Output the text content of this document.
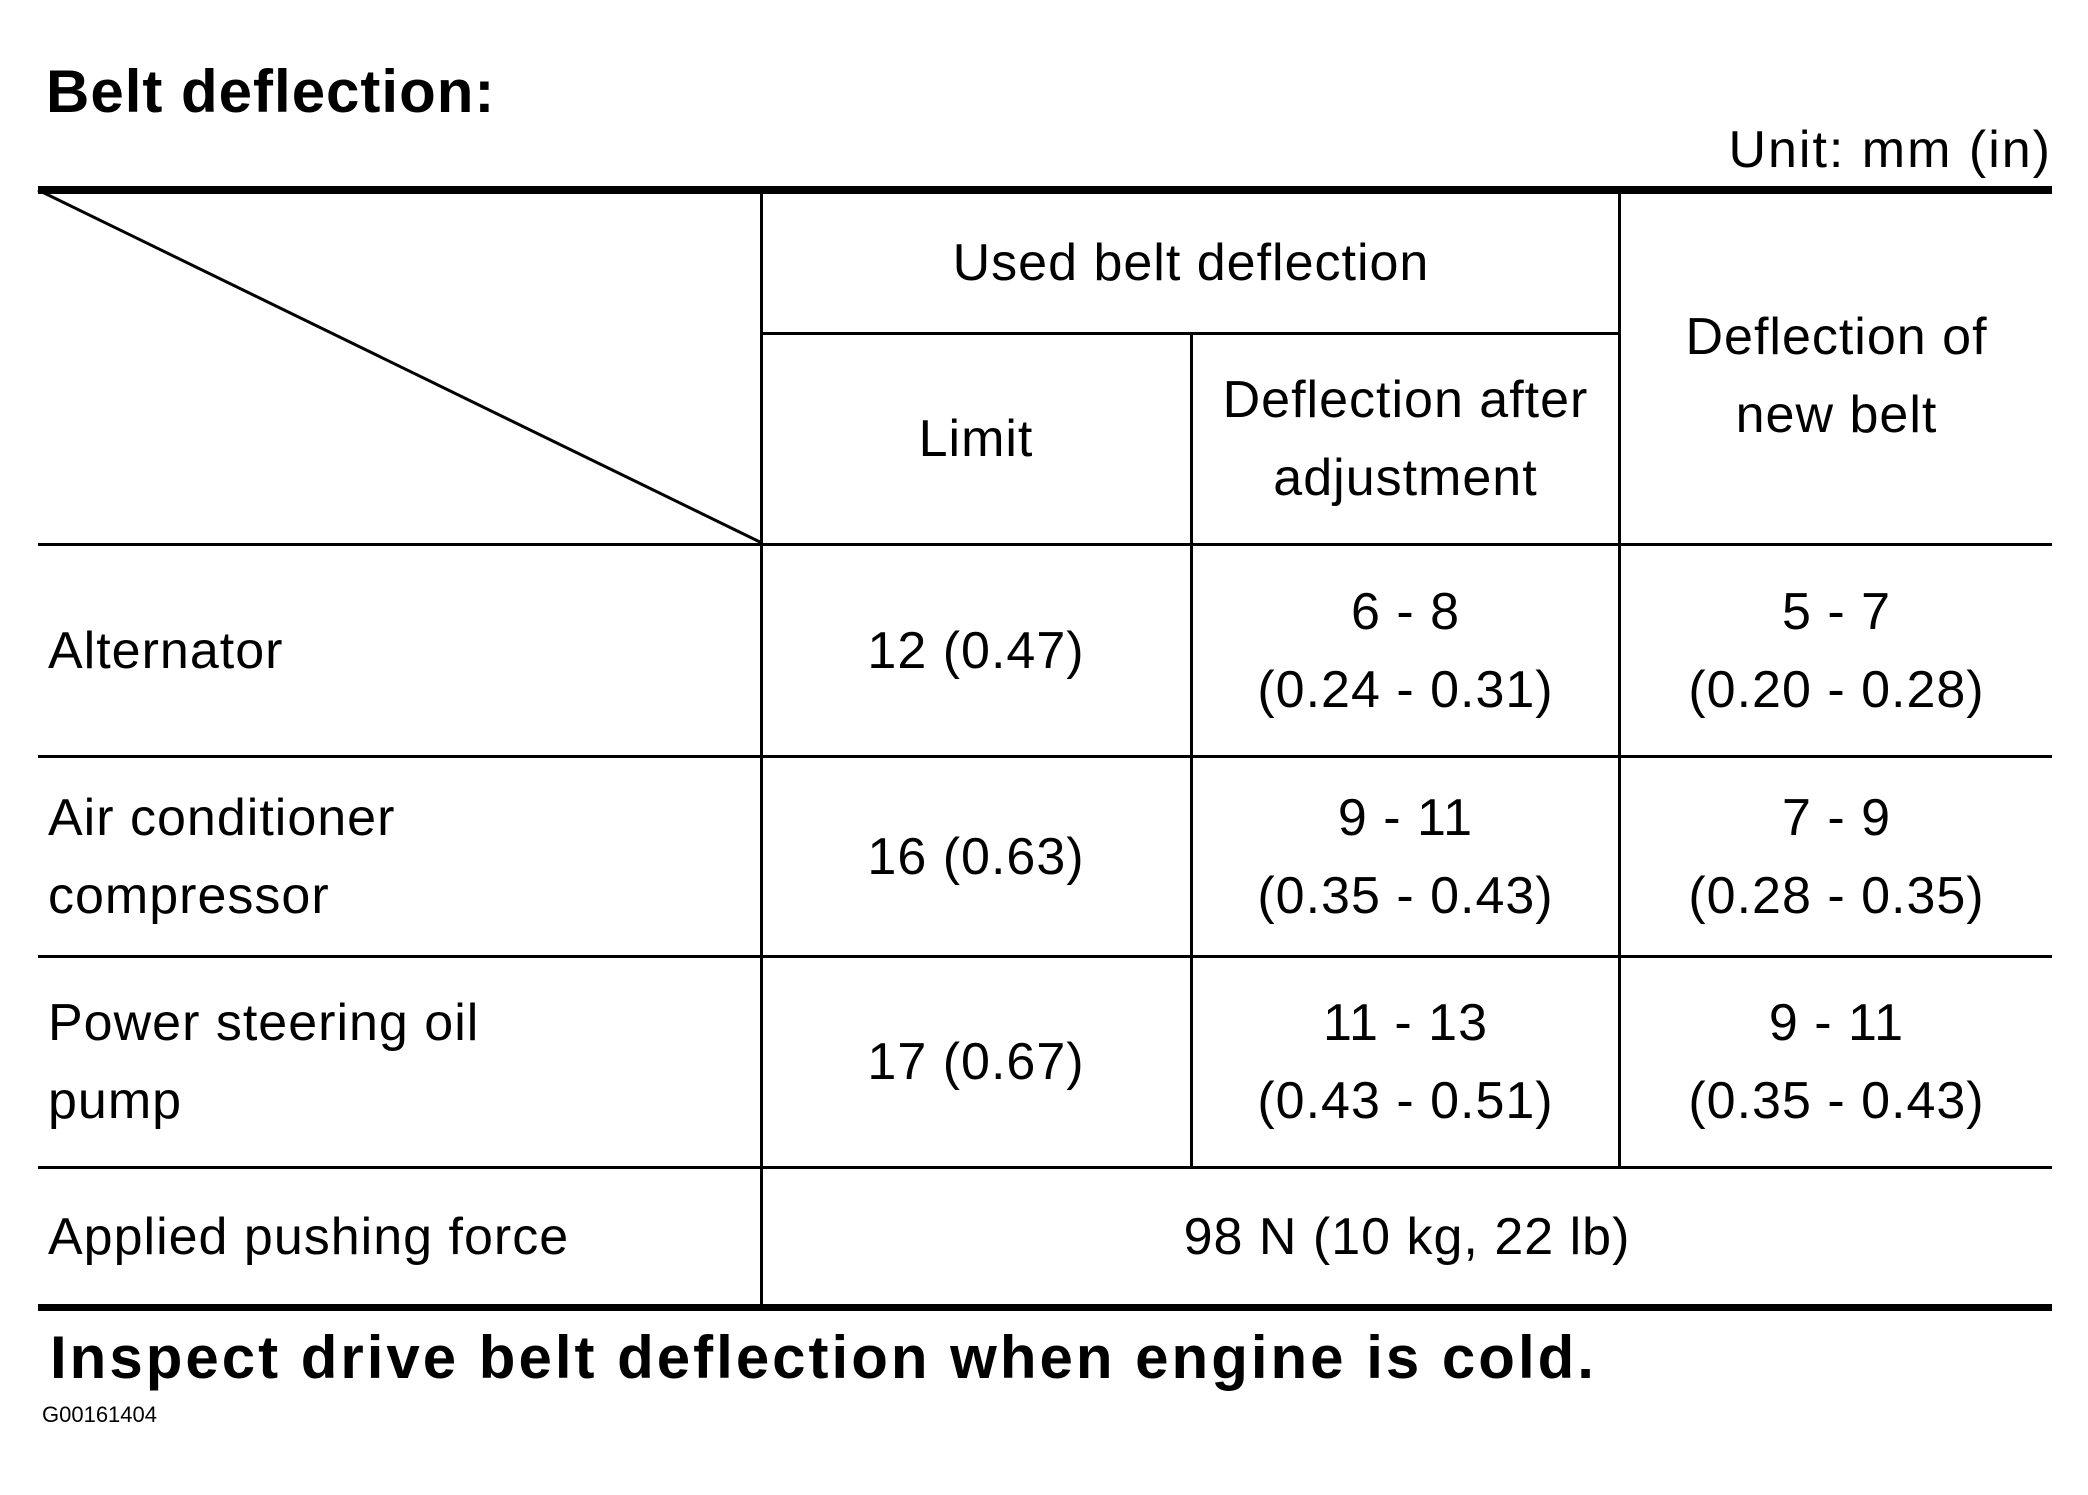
Belt deflection:
Unit: mm (in)
Used belt deflection
Limit
Deflection after
adjustment
Deflection of
new belt
Alternator	12 (0.47)
6 - 8
(0.24 - 0.31)
5 - 7
(0.20 - 0.28)
Air conditioner
compressor
16 (0.63)
9 - 11
(0.35 - 0.43)
7 - 9
(0.28 - 0.35)
Power steering oil
pump
17 (0.67)
11 - 13
(0.43 - 0.51)
9 - 11
(0.35 - 0.43)
Applied pushing force	98 N (10 kg, 22 lb)
Inspect drive belt deflection when engine is cold.
G00161404
